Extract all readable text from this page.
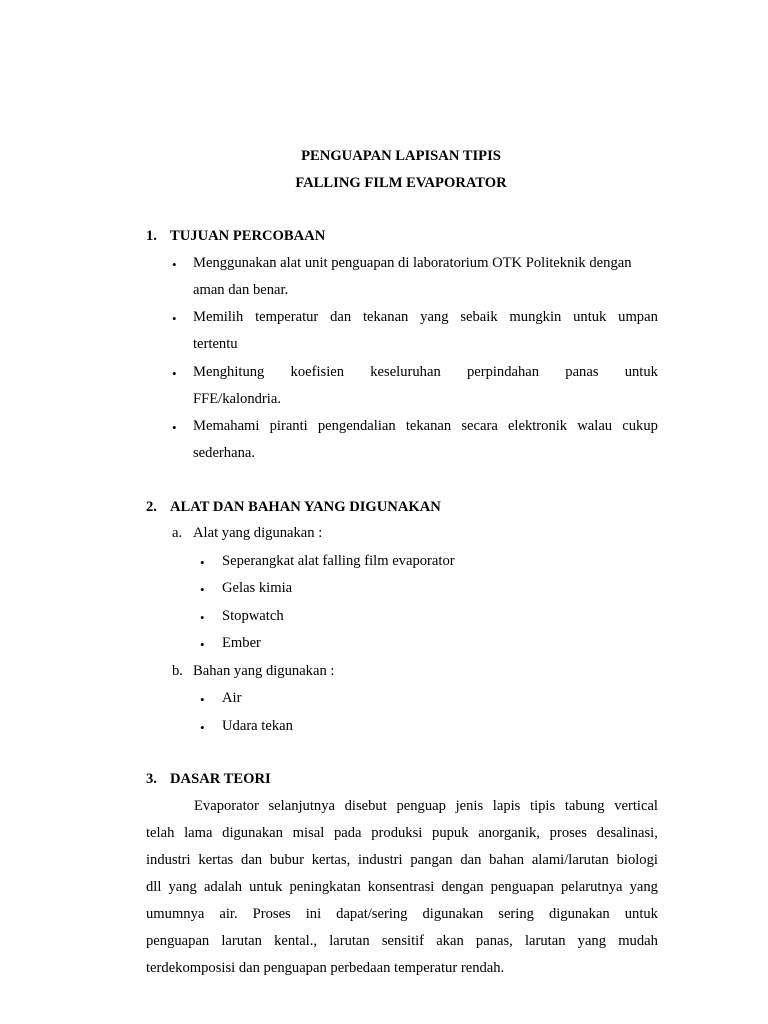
PENGUAPAN LAPISAN TIPIS
FALLING FILM EVAPORATOR
1. TUJUAN PERCOBAAN
• Menggunakan alat unit penguapan di laboratorium OTK Politeknik dengan
aman dan benar.
• Memilih temperatur dan tekanan yang sebaik mungkin untuk umpan
tertentu
• Menghitung koefisien keseluruhan perpindahan panas untuk
FFE/kalondria.
• Memahami piranti pengendalian tekanan secara elektronik walau cukup
sederhana.
2. ALAT DAN BAHAN YANG DIGUNAKAN
a. Alat yang digunakan :
• Seperangkat alat falling film evaporator
• Gelas kimia
• Stopwatch
• Ember
b. Bahan yang digunakan :
• Air
• Udara tekan
3. DASAR TEORI
Evaporator selanjutnya disebut penguap jenis lapis tipis tabung vertical
telah lama digunakan misal pada produksi pupuk anorganik, proses desalinasi,
industri kertas dan bubur kertas, industri pangan dan bahan alami/larutan biologi
dll yang adalah untuk peningkatan konsentrasi dengan penguapan pelarutnya yang
umumnya air. Proses ini dapat/sering digunakan sering digunakan untuk
penguapan larutan kental., larutan sensitif akan panas, larutan yang mudah
terdekomposisi dan penguapan perbedaan temperatur rendah.
